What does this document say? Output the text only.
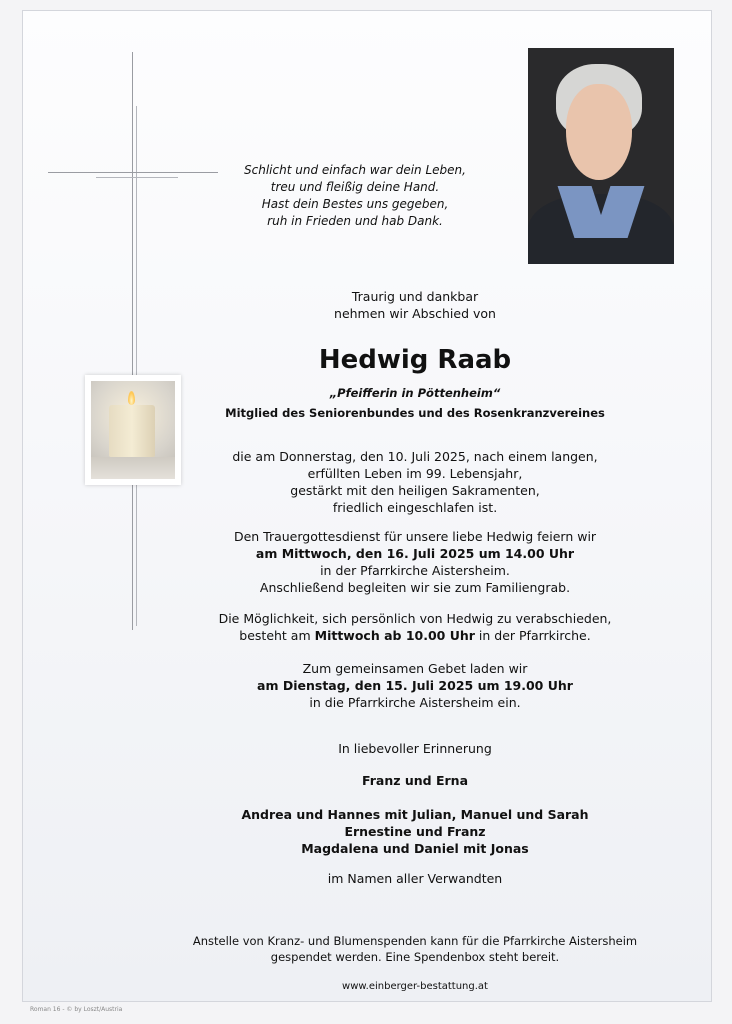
Schlicht und einfach war dein Leben,
treu und fleißig deine Hand.
Hast dein Bestes uns gegeben,
ruh in Frieden und hab Dank.
Traurig und dankbar
nehmen wir Abschied von
Hedwig Raab
„Pfeifferin in Pöttenheim“
Mitglied des Seniorenbundes und des Rosenkranzvereines
die am Donnerstag, den 10. Juli 2025, nach einem langen,
erfüllten Leben im 99. Lebensjahr,
gestärkt mit den heiligen Sakramenten,
friedlich eingeschlafen ist.
Den Trauergottesdienst für unsere liebe Hedwig feiern wir
am Mittwoch, den 16. Juli 2025 um 14.00 Uhr
in der Pfarrkirche Aistersheim.
Anschließend begleiten wir sie zum Familiengrab.
Die Möglichkeit, sich persönlich von Hedwig zu verabschieden,
besteht am Mittwoch ab 10.00 Uhr in der Pfarrkirche.
Zum gemeinsamen Gebet laden wir
am Dienstag, den 15. Juli 2025 um 19.00 Uhr
in die Pfarrkirche Aistersheim ein.
In liebevoller Erinnerung
Franz und Erna
Andrea und Hannes mit Julian, Manuel und Sarah
Ernestine und Franz
Magdalena und Daniel mit Jonas
im Namen aller Verwandten
Anstelle von Kranz- und Blumenspenden kann für die Pfarrkirche Aistersheim
gespendet werden. Eine Spendenbox steht bereit.
www.einberger-bestattung.at
Roman 16 - © by Loszt/Austria
